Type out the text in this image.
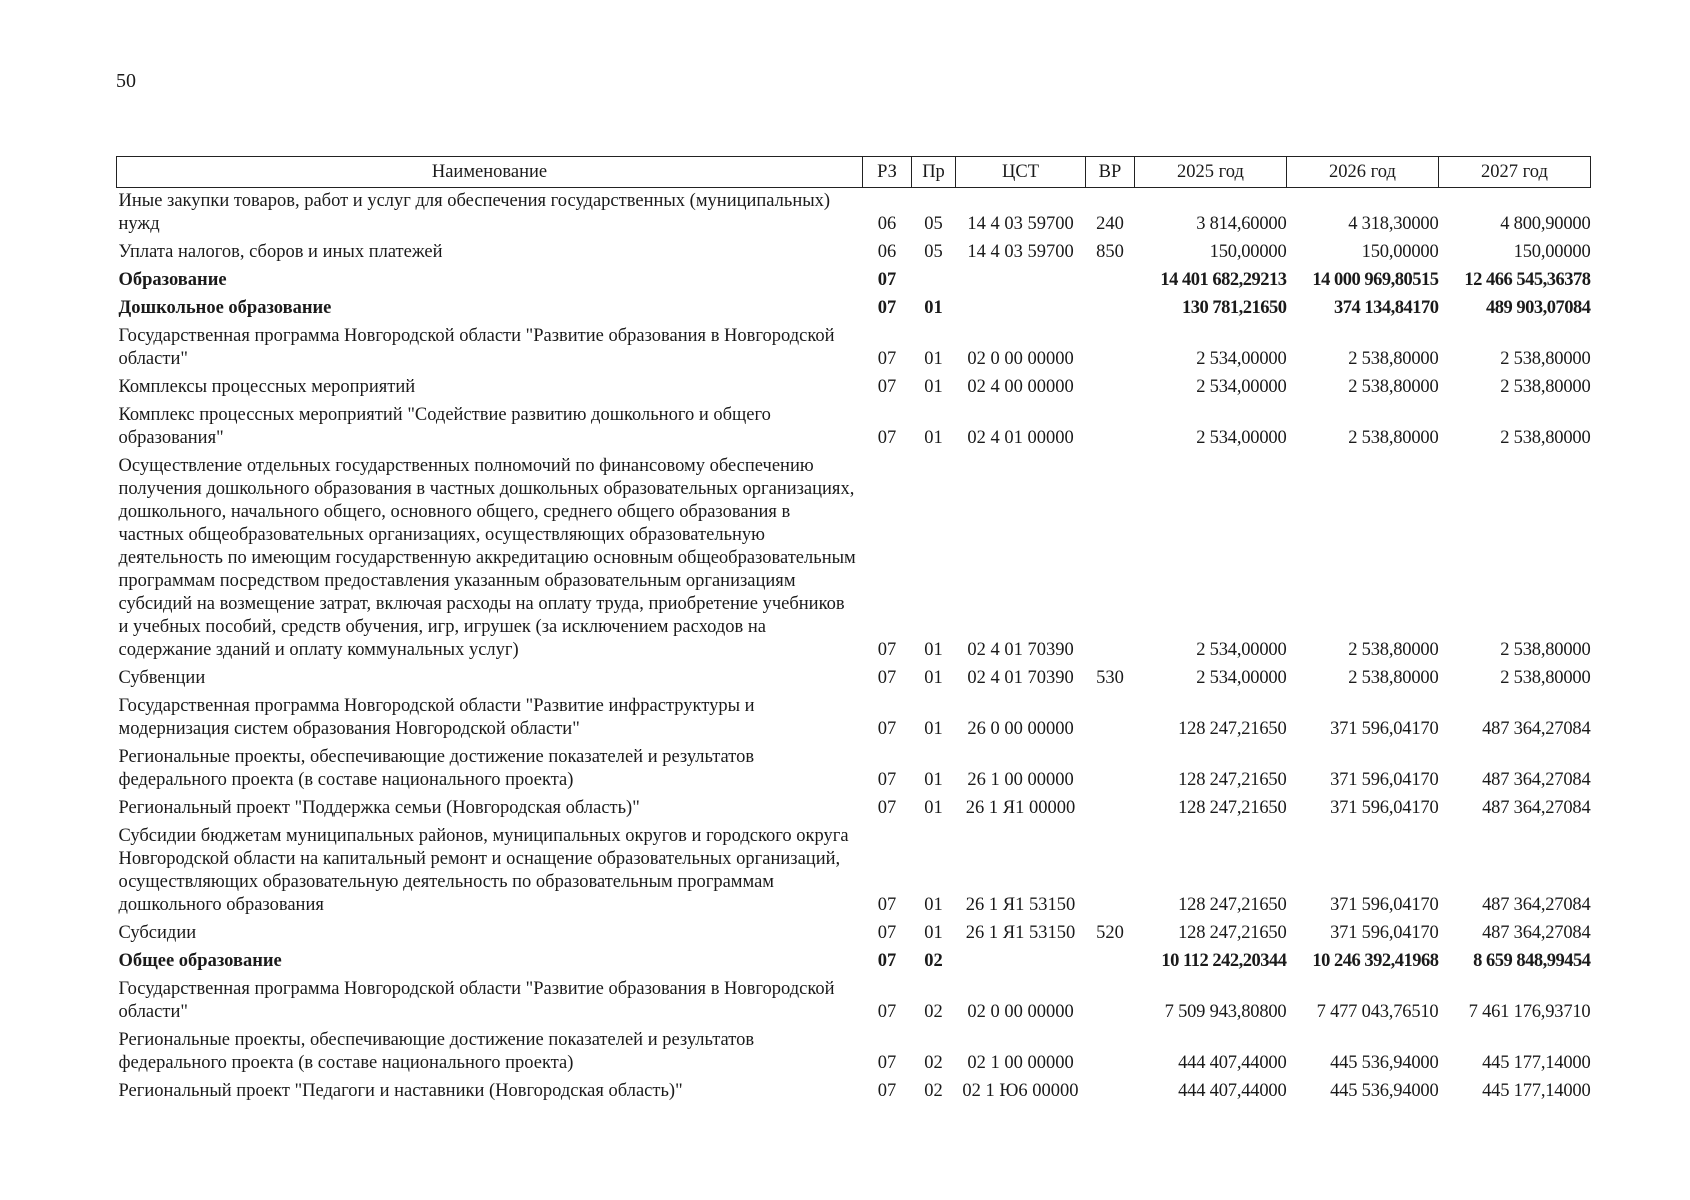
50
Наименование	РЗ	Пр	ЦСТ	ВР	2025 год	2026 год	2027 год
Иные закупки товаров, работ и услуг для обеспечения государственных (муниципальных) нужд	06	05	14 4 03 59700	240	3 814,60000	4 318,30000	4 800,90000
Уплата налогов, сборов и иных платежей	06	05	14 4 03 59700	850	150,00000	150,00000	150,00000
Образование	07				14 401 682,29213	14 000 969,80515	12 466 545,36378
Дошкольное образование	07	01			130 781,21650	374 134,84170	489 903,07084
Государственная программа Новгородской области "Развитие образования в Новгородской области"	07	01	02 0 00 00000		2 534,00000	2 538,80000	2 538,80000
Комплексы процессных мероприятий	07	01	02 4 00 00000		2 534,00000	2 538,80000	2 538,80000
Комплекс процессных мероприятий "Содействие развитию дошкольного и общего образования"	07	01	02 4 01 00000		2 534,00000	2 538,80000	2 538,80000
Осуществление отдельных государственных полномочий по финансовому обеспечению получения дошкольного образования в частных дошкольных образовательных организациях, дошкольного, начального общего, основного общего, среднего общего образования в частных общеобразовательных организациях, осуществляющих образовательную деятельность по имеющим государственную аккредитацию основным общеобразовательным программам посредством предоставления указанным образовательным организациям субсидий на возмещение затрат, включая расходы на оплату труда, приобретение учебников и учебных пособий, средств обучения, игр, игрушек (за исключением расходов на содержание зданий и оплату коммунальных услуг)	07	01	02 4 01 70390		2 534,00000	2 538,80000	2 538,80000
Субвенции	07	01	02 4 01 70390	530	2 534,00000	2 538,80000	2 538,80000
Государственная программа Новгородской области "Развитие инфраструктуры и модернизация систем образования Новгородской области"	07	01	26 0 00 00000		128 247,21650	371 596,04170	487 364,27084
Региональные проекты, обеспечивающие достижение показателей и результатов федерального проекта (в составе национального проекта)	07	01	26 1 00 00000		128 247,21650	371 596,04170	487 364,27084
Региональный проект "Поддержка семьи (Новгородская область)"	07	01	26 1 Я1 00000		128 247,21650	371 596,04170	487 364,27084
Субсидии бюджетам муниципальных районов, муниципальных округов и городского округа Новгородской области на капитальный ремонт и оснащение образовательных организаций, осуществляющих образовательную деятельность по образовательным программам дошкольного образования	07	01	26 1 Я1 53150		128 247,21650	371 596,04170	487 364,27084
Субсидии	07	01	26 1 Я1 53150	520	128 247,21650	371 596,04170	487 364,27084
Общее образование	07	02			10 112 242,20344	10 246 392,41968	8 659 848,99454
Государственная программа Новгородской области "Развитие образования в Новгородской области"	07	02	02 0 00 00000		7 509 943,80800	7 477 043,76510	7 461 176,93710
Региональные проекты, обеспечивающие достижение показателей и результатов федерального проекта (в составе национального проекта)	07	02	02 1 00 00000		444 407,44000	445 536,94000	445 177,14000
Региональный проект "Педагоги и наставники (Новгородская область)"	07	02	02 1 Ю6 00000		444 407,44000	445 536,94000	445 177,14000
